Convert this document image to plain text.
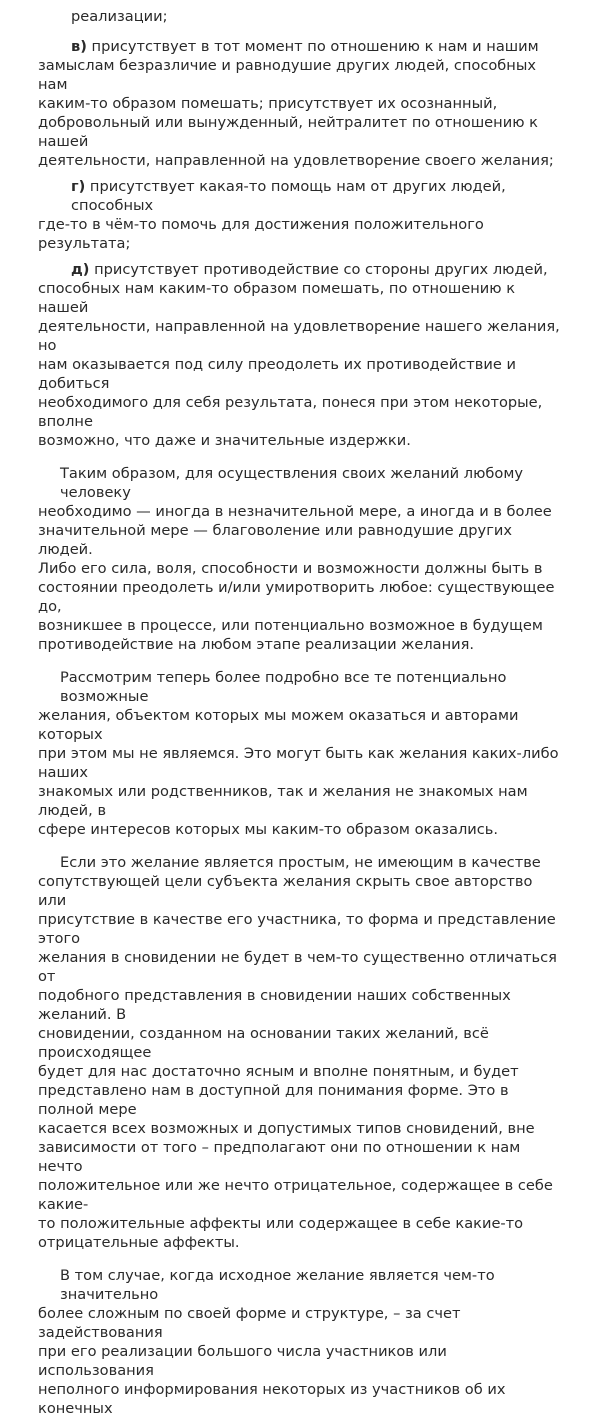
реализации;
в) присутствует в тот момент по отношению к нам и нашим
замыслам безразличие и равнодушие других людей, способных нам
каким-то образом помешать; присутствует их осознанный,
добровольный или вынужденный, нейтралитет по отношению к нашей
деятельности, направленной на удовлетворение своего желания;
г) присутствует какая-то помощь нам от других людей, способных
где-то в чём-то помочь для достижения положительного результата;
д) присутствует противодействие со стороны других людей,
способных нам каким-то образом помешать, по отношению к нашей
деятельности, направленной на удовлетворение нашего желания, но
нам оказывается под силу преодолеть их противодействие и добиться
необходимого для себя результата, понеся при этом некоторые, вполне
возможно, что даже и значительные издержки.
Таким образом, для осуществления своих желаний любому человеку
необходимо — иногда в незначительной мере, а иногда и в более
значительной мере — благоволение или равнодушие других людей.
Либо его сила, воля, способности и возможности должны быть в
состоянии преодолеть и/или умиротворить любое: существующее до,
возникшее в процессе, или потенциально возможное в будущем
противодействие на любом этапе реализации желания.
Рассмотрим теперь более подробно все те потенциально возможные
желания, объектом которых мы можем оказаться и авторами которых
при этом мы не являемся. Это могут быть как желания каких-либо наших
знакомых или родственников, так и желания не знакомых нам людей, в
сфере интересов которых мы каким-то образом оказались.
Если это желание является простым, не имеющим в качестве
сопутствующей цели субъекта желания скрыть свое авторство или
присутствие в качестве его участника, то форма и представление этого
желания в сновидении не будет в чем-то существенно отличаться от
подобного представления в сновидении наших собственных желаний. В
сновидении, созданном на основании таких желаний, всё происходящее
будет для нас достаточно ясным и вполне понятным, и будет
представлено нам в доступной для понимания форме. Это в полной мере
касается всех возможных и допустимых типов сновидений, вне
зависимости от того – предполагают они по отношении к нам нечто
положительное или же нечто отрицательное, содержащее в себе какие-
то положительные аффекты или содержащее в себе какие-то
отрицательные аффекты.
В том случае, когда исходное желание является чем-то значительно
более сложным по своей форме и структуре, – за счет задействования
при его реализации большого числа участников или использования
неполного информирования некоторых из участников об их конечных
